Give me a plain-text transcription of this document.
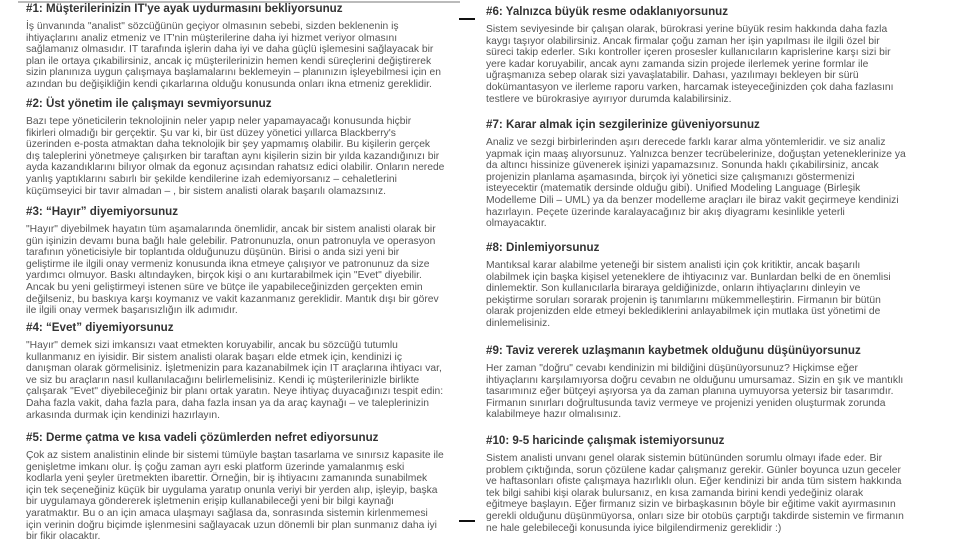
#1: Müşterilerinizin IT'ye ayak uydurmasını bekliyorsunuz
İş ünvanında "analist" sözcüğünün geçiyor olmasının sebebi, sizden beklenenin iş
ihtiyaçlarını analiz etmeniz ve IT'nin müşterilerine daha iyi hizmet veriyor olmasını
sağlamanız olmasıdır. IT tarafında işlerin daha iyi ve daha güçlü işlemesini sağlayacak bir
plan ile ortaya çıkabilirsiniz, ancak iç müşterilerinizin hemen kendi süreçlerini değiştirerek
sizin planınıza uygun çalışmaya başlamalarını beklemeyin – planınızın işleyebilmesi için en
azından bu değişikliğin kendi çıkarlarına olduğu konusunda onları ikna etmeniz gereklidir.
#2: Üst yönetim ile çalışmayı sevmiyorsunuz
Bazı tepe yöneticilerin teknolojinin neler yapıp neler yapamayacağı konusunda hiçbir
fikirleri olmadığı bir gerçektir. Şu var ki, bir üst düzey yönetici yıllarca Blackberry's
üzerinden e-posta atmaktan daha teknolojik bir şey yapmamış olabilir. Bu kişilerin gerçek
dış taleplerini yönetmeye çalışırken bir taraftan aynı kişilerin sizin bir yılda kazandığınızı bir
ayda kazandıklarını bilıyor olmak da egonuz açısından rahatsız edici olabilir. Onların nerede
yanlış yaptıklarını sabırlı bir şekilde kendilerine izah edemiyorsanız – cehaletlerini
küçümseyici bir tavır almadan – , bir sistem analisti olarak başarılı olamazsınız.
#3: “Hayır” diyemiyorsunuz
"Hayır" diyebilmek hayatın tüm aşamalarında önemlidir, ancak bir sistem analisti olarak bir
gün işinizin devamı buna bağlı hale gelebilir. Patronunuzla, onun patronuyla ve operasyon
tarafının yöneticisiyle bir toplantıda olduğunuzu düşünün. Birisi o anda sizi yeni bir
geliştirme ile ilgili onay vermeniz konusunda ikna etmeye çalışıyor ve patronunuz da size
yardımcı olmuyor. Baskı altındayken, birçok kişi o anı kurtarabilmek için "Evet" diyebilir.
Ancak bu yeni geliştirmeyi istenen süre ve bütçe ile yapabileceğinizden gerçekten emin
değilseniz, bu baskıya karşı koymanız ve vakit kazanmanız gereklidir. Mantık dışı bir görev
ile ilgili onay vermek başarısızlığın ilk adımıdır.
#4: “Evet” diyemiyorsunuz
"Hayır" demek sizi imkansızı vaat etmekten koruyabilir, ancak bu sözcüğü tutumlu
kullanmanız en iyisidir. Bir sistem analisti olarak başarı elde etmek için, kendinizi iç
danışman olarak görmelisiniz. İşletmenizin para kazanabilmek için IT araçlarına ihtiyacı var,
ve siz bu araçların nasıl kullanılacağını belirlemelisiniz. Kendi iç müşterilerinizle birlikte
çalışarak "Evet" diyebileceğiniz bir planı ortak yaratın. Neye ihtiyaç duyacağınızı tespit edin:
Daha fazla vakit, daha fazla para, daha fazla insan ya da araç kaynağı – ve taleplerinizin
arkasında durmak için kendinizi hazırlayın.
#5: Derme çatma ve kısa vadeli çözümlerden nefret ediyorsunuz
Çok az sistem analistinin elinde bir sistemi tümüyle baştan tasarlama ve sınırsız kapasite ile
genişletme imkanı olur. İş çoğu zaman ayrı eski platform üzerinde yamalanmış eski
kodlarla yeni şeyler üretmekten ibarettir. Örneğin, bir iş ihtiyacını zamanında sunabilmek
için tek seçeneğiniz küçük bir uygulama yaratıp onunla veriyi bir yerden alıp, işleyip, başka
bir uygulamaya göndererek işletmenin erişip kullanabileceği yeni bir bilgi kaynağı
yaratmaktır. Bu o an için amaca ulaşmayı sağlasa da, sonrasında sistemin kirlenmemesi
için verinin doğru biçimde işlenmesini sağlayacak uzun dönemli bir plan sunmanız daha iyi
bir fikir olacaktır.
#6: Yalnızca büyük resme odaklanıyorsunuz
Sistem seviyesinde bir çalışan olarak, bürokrasi yerine büyük resim hakkında daha fazla
kaygı taşıyor olabilirsiniz. Ancak firmalar çoğu zaman her işin yapılması ile ilgili özel bir
süreci takip ederler. Sıkı kontroller içeren prosesler kullanıcıların kaprislerine karşı sizi bir
yere kadar koruyabilir, ancak aynı zamanda sizin projede ilerlemek yerine formlar ile
uğraşmanıza sebep olarak sizi yavaşlatabilir. Dahası, yazılımayı bekleyen bir sürü
dokümantasyon ve ilerleme raporu varken, harcamak isteyeceğinizden çok daha fazlasını
testlere ve bürokrasiye ayırıyor durumda kalabilirsiniz.
#7: Karar almak için sezgilerinize güveniyorsunuz
Analiz ve sezgi birbirlerinden aşırı derecede farklı karar alma yöntemleridir. ve siz analiz
yapmak için maaş alıyorsunuz. Yalnızca benzer tecrübelerinize, doğuştan yeteneklerinize ya
da altıncı hissinize güvenerek işinizi yapamazsınız. Sonunda haklı çıkabilirsiniz, ancak
projenizin planlama aşamasında, birçok iyi yönetici size çalışmanızı göstermenizi
isteyecektir (matematik dersinde olduğu gibi). Unified Modeling Language (Birleşik
Modelleme Dili – UML) ya da benzer modelleme araçları ile biraz vakit geçirmeye kendinizi
hazırlayın. Peçete üzerinde karalayacağınız bir akış diyagramı kesinlikle yeterli
olmayacaktır.
#8: Dinlemiyorsunuz
Mantıksal karar alabilme yeteneği bir sistem analisti için çok kritiktir, ancak başarılı
olabilmek için başka kişisel yeteneklere de ihtiyacınız var. Bunlardan belki de en önemlisi
dinlemektir. Son kullanıcılarla biraraya geldiğinizde, onların ihtiyaçlarını dinleyin ve
pekiştirme soruları sorarak projenin iş tanımlarını mükemmelleştirin. Firmanın bir bütün
olarak projenizden elde etmeyi beklediklerini anlayabilmek için mutlaka üst yönetimi de
dinlemelisiniz.
#9: Taviz vererek uzlaşmanın kaybetmek olduğunu düşünüyorsunuz
Her zaman "doğru" cevabı kendinizin mi bildiğini düşünüyorsunuz? Hiçkimse eğer
ihtiyaçlarını karşılamıyorsa doğru cevabın ne olduğunu umursamaz. Sizin en şık ve mantıklı
tasarımınız eğer bütçeyi aşıyorsa ya da zaman planına uymuyorsa yetersiz bir tasarımdır.
Firmanın sınırları doğrultusunda taviz vermeye ve projenizi yeniden oluşturmak zorunda
kalabilmeye hazır olmalısınız.
#10: 9-5 haricinde çalışmak istemiyorsunuz
Sistem analisti unvanı genel olarak sistemin bütününden sorumlu olmayı ifade eder. Bir
problem çıktığında, sorun çözülene kadar çalışmanız gerekir. Günler boyunca uzun geceler
ve haftasonları ofiste çalışmaya hazırlıklı olun. Eğer kendinizi bir anda tüm sistem hakkında
tek bilgi sahibi kişi olarak bulursanız, en kısa zamanda birini kendi yedeğiniz olarak
eğitmeye başlayın. Eğer firmanız sizin ve birbaşkasının böyle bir eğitime vakit ayırmasının
gerekli olduğunu düşünmüyorsa, onları size bir otobüs çarptığı takdirde sistemin ve firmanın
ne hale gelebileceği konusunda iyice bilgilendirmeniz gereklidir :)
